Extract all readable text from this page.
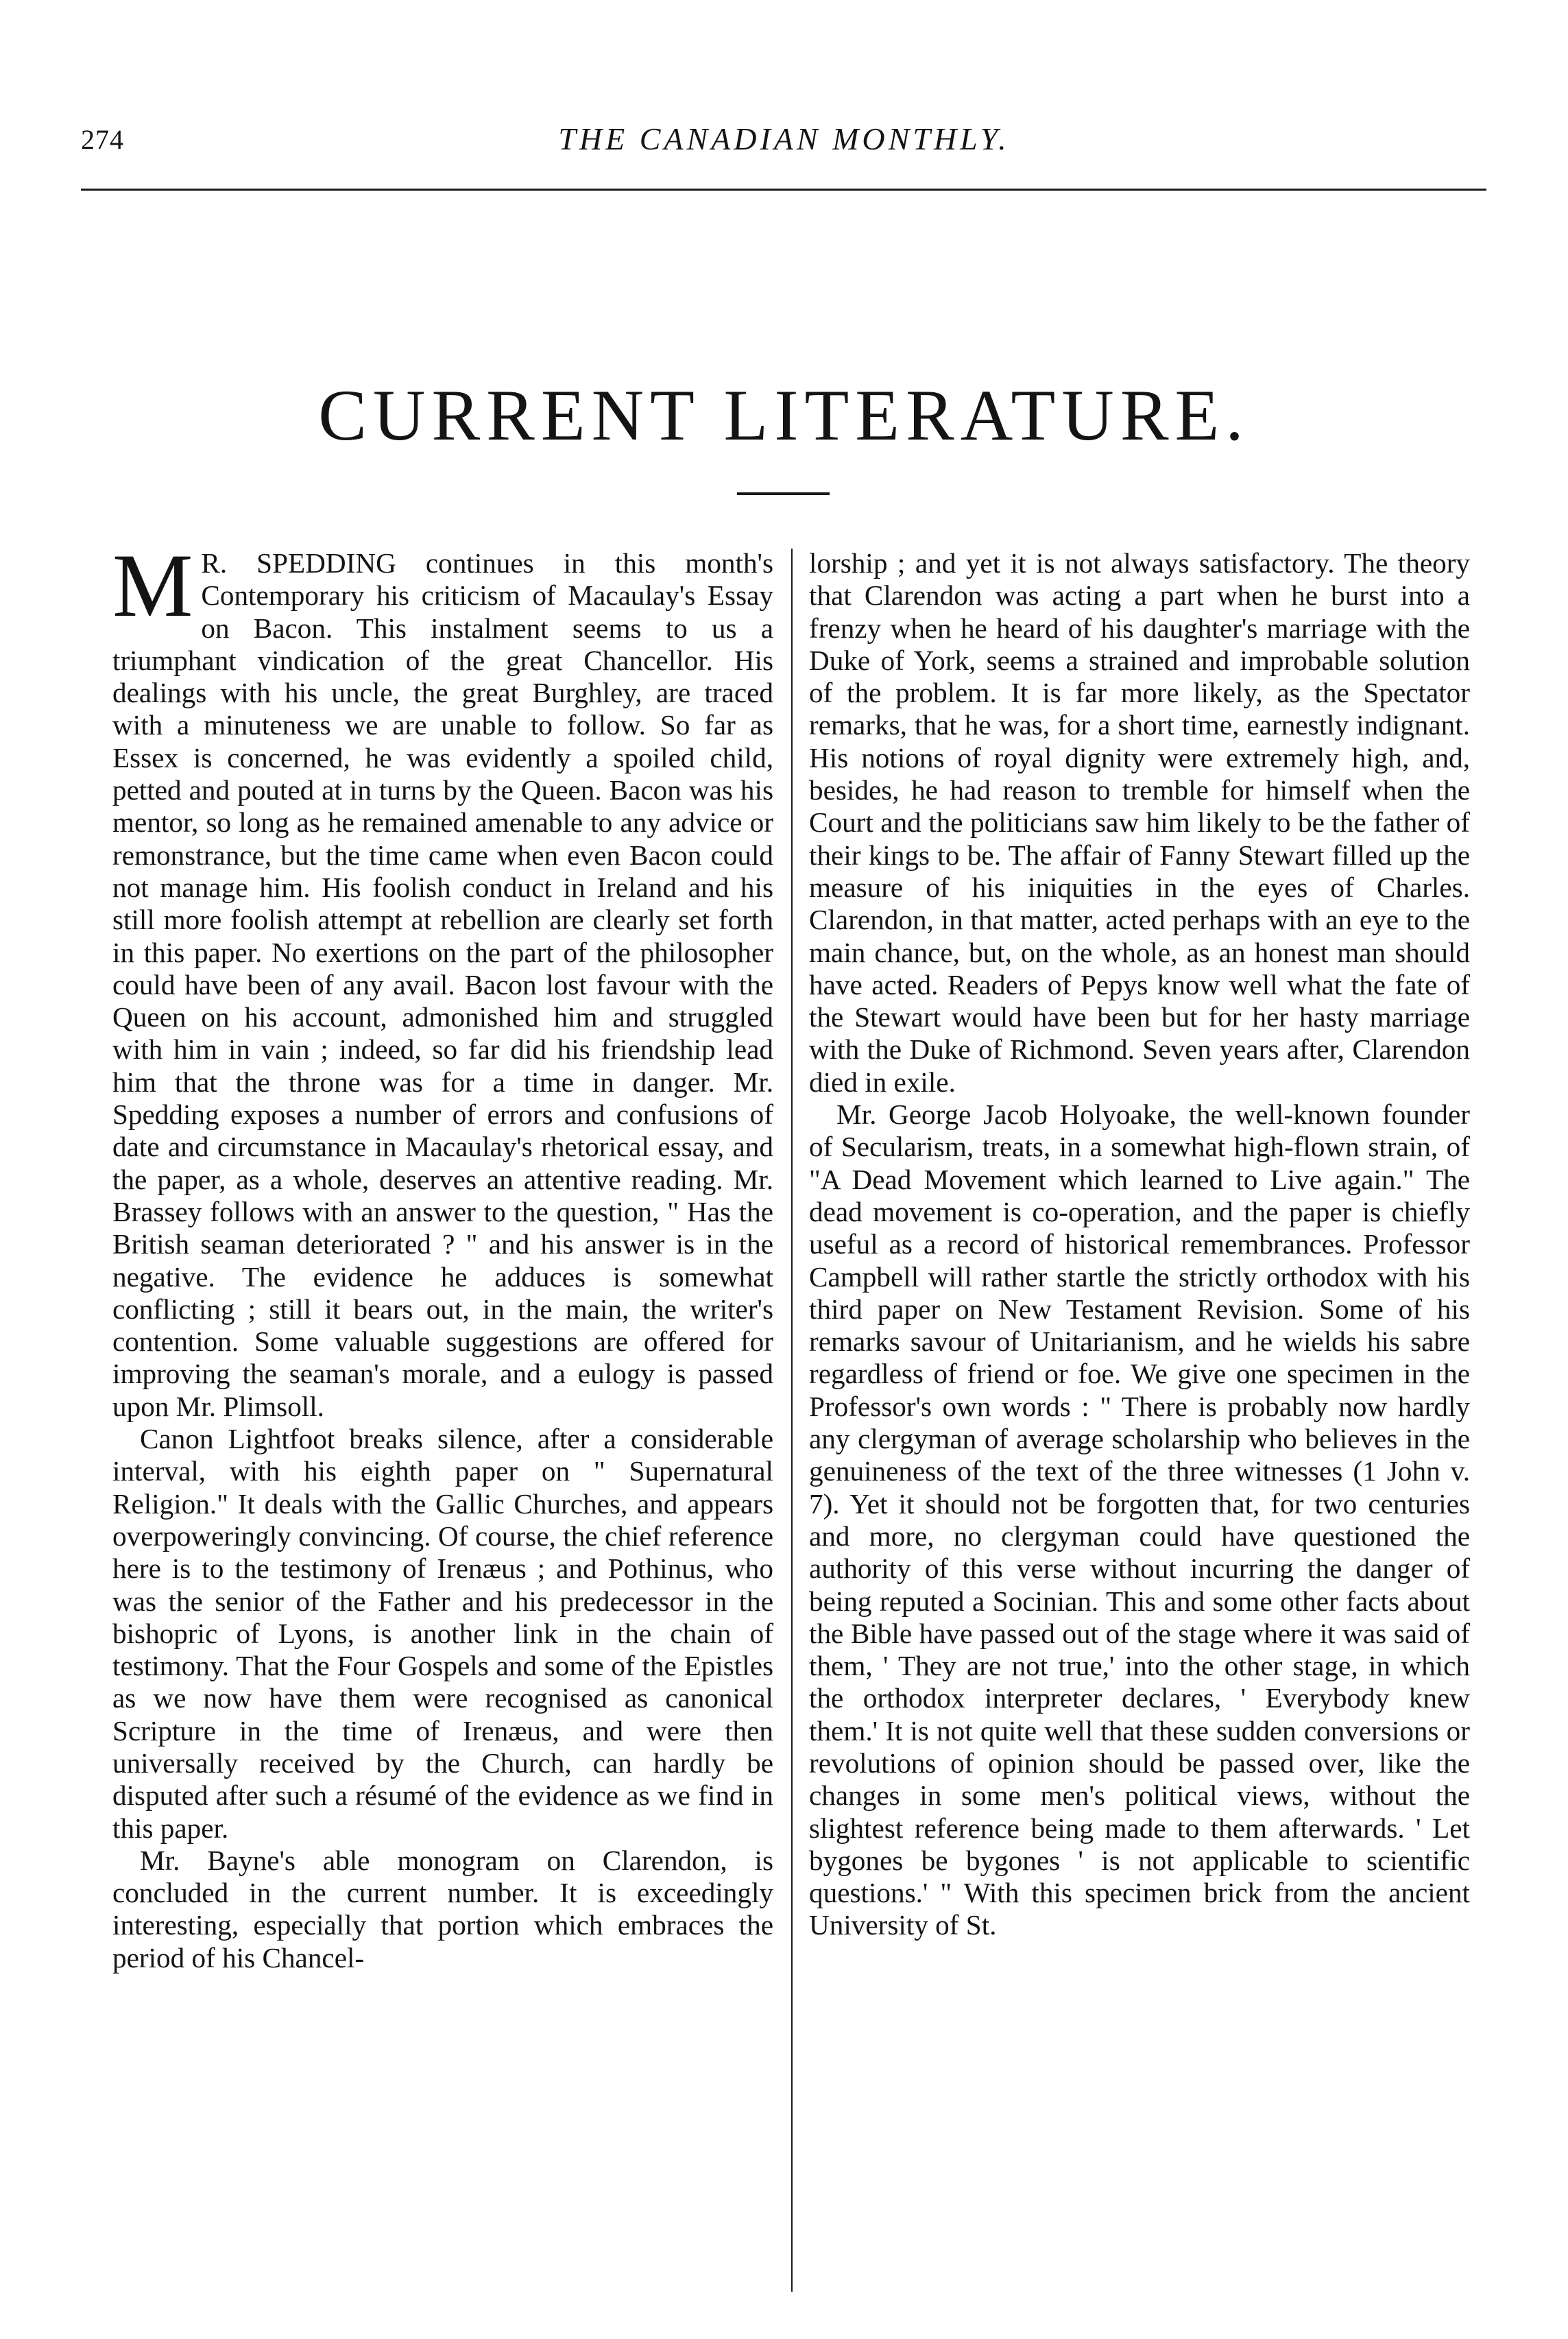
274	THE CANADIAN MONTHLY.
CURRENT LITERATURE.

M R. SPEDDING continues in this month's Contemporary his criticism of Macaulay's Essay on Bacon. This instalment seems to us a triumphant vindication of the great Chancellor. His dealings with his uncle, the great Burghley, are traced with a minuteness we are unable to follow. So far as Essex is concerned, he was evidently a spoiled child, petted and pouted at in turns by the Queen. Bacon was his mentor, so long as he remained amenable to any advice or remonstrance, but the time came when even Bacon could not manage him. His foolish conduct in Ireland and his still more foolish attempt at rebellion are clearly set forth in this paper. No exertions on the part of the philosopher could have been of any avail. Bacon lost favour with the Queen on his account, admonished him and struggled with him in vain ; indeed, so far did his friendship lead him that the throne was for a time in danger. Mr. Spedding exposes a number of errors and confusions of date and circumstance in Macaulay's rhetorical essay, and the paper, as a whole, deserves an attentive reading. Mr. Brassey follows with an answer to the question, " Has the British seaman deteriorated ? " and his answer is in the negative. The evidence he adduces is somewhat conflicting ; still it bears out, in the main, the writer's contention. Some valuable suggestions are offered for improving the seaman's morale, and a eulogy is passed upon Mr. Plimsoll.

Canon Lightfoot breaks silence, after a considerable interval, with his eighth paper on " Supernatural Religion." It deals with the Gallic Churches, and appears overpoweringly convincing. Of course, the chief reference here is to the testimony of Irenæus ; and Pothinus, who was the senior of the Father and his predecessor in the bishopric of Lyons, is another link in the chain of testimony. That the Four Gospels and some of the Epistles as we now have them were recognised as canonical Scripture in the time of Irenæus, and were then universally received by the Church, can hardly be disputed after such a résumé of the evidence as we find in this paper.

Mr. Bayne's able monogram on Clarendon, is concluded in the current number. It is exceedingly interesting, especially that portion which embraces the period of his Chancel-

lorship ; and yet it is not always satisfactory. The theory that Clarendon was acting a part when he burst into a frenzy when he heard of his daughter's marriage with the Duke of York, seems a strained and improbable solution of the problem. It is far more likely, as the Spectator remarks, that he was, for a short time, earnestly indignant. His notions of royal dignity were extremely high, and, besides, he had reason to tremble for himself when the Court and the politicians saw him likely to be the father of their kings to be. The affair of Fanny Stewart filled up the measure of his iniquities in the eyes of Charles. Clarendon, in that matter, acted perhaps with an eye to the main chance, but, on the whole, as an honest man should have acted. Readers of Pepys know well what the fate of the Stewart would have been but for her hasty marriage with the Duke of Richmond. Seven years after, Clarendon died in exile.

Mr. George Jacob Holyoake, the well-known founder of Secularism, treats, in a somewhat high-flown strain, of "A Dead Movement which learned to Live again." The dead movement is co-operation, and the paper is chiefly useful as a record of historical remembrances. Professor Campbell will rather startle the strictly orthodox with his third paper on New Testament Revision. Some of his remarks savour of Unitarianism, and he wields his sabre regardless of friend or foe. We give one specimen in the Professor's own words : " There is probably now hardly any clergyman of average scholarship who believes in the genuineness of the text of the three witnesses (1 John v. 7). Yet it should not be forgotten that, for two centuries and more, no clergyman could have questioned the authority of this verse without incurring the danger of being reputed a Socinian. This and some other facts about the Bible have passed out of the stage where it was said of them, ' They are not true,' into the other stage, in which the orthodox interpreter declares, ' Everybody knew them.' It is not quite well that these sudden conversions or revolutions of opinion should be passed over, like the changes in some men's political views, without the slightest reference being made to them afterwards. ' Let bygones be bygones ' is not applicable to scientific questions.' " With this specimen brick from the ancient University of St.
